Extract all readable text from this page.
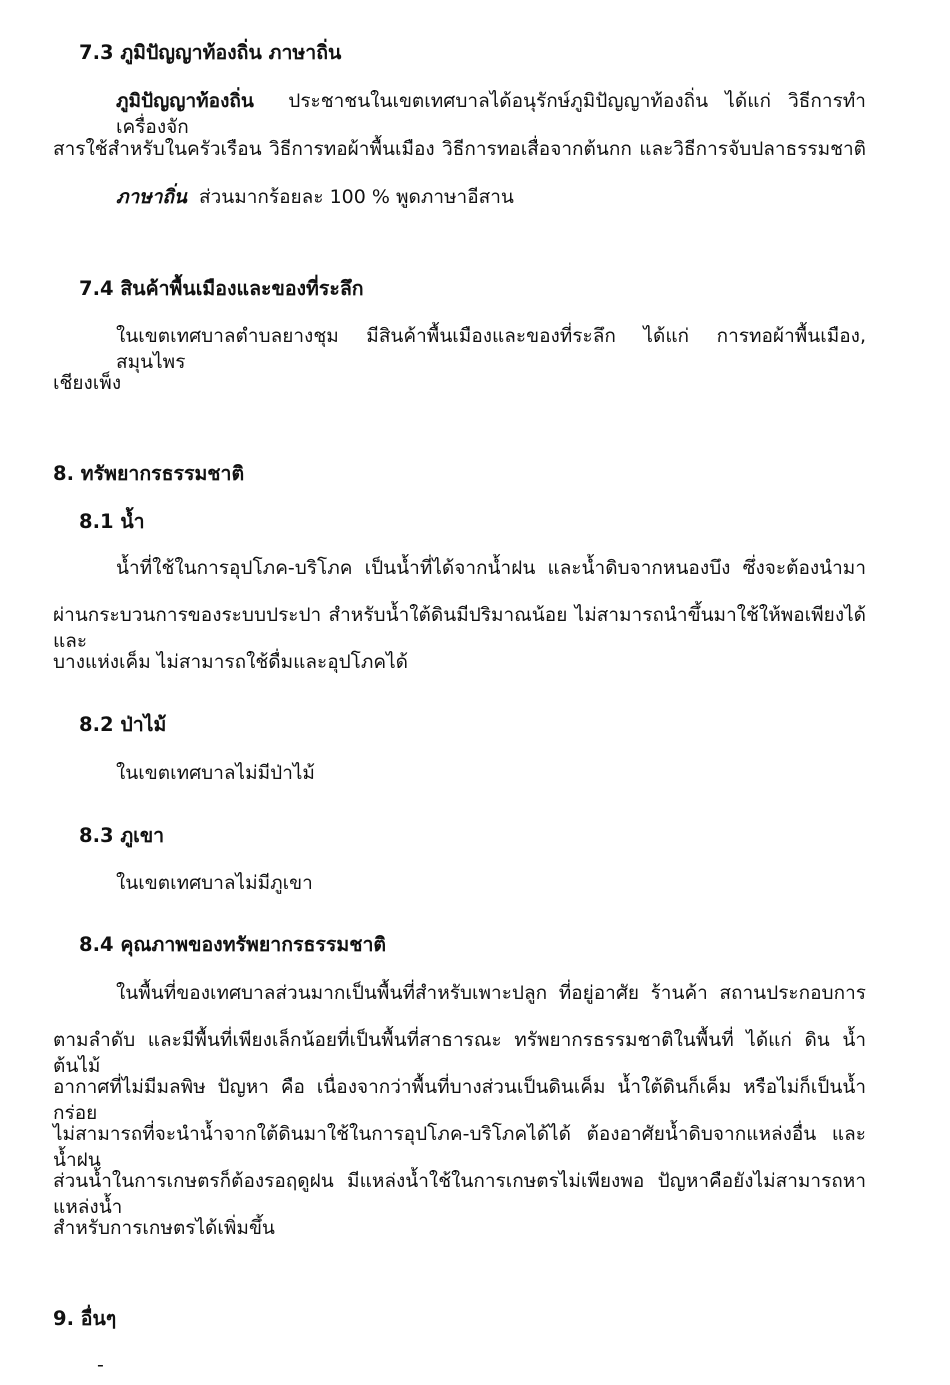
7.3 ภูมิปัญญาท้องถิ่น ภาษาถิ่น
ภูมิปัญญาท้องถิ่น ประชาชนในเขตเทศบาลได้อนุรักษ์ภูมิปัญญาท้องถิ่น ได้แก่ วิธีการทำเครื่องจัก
สารใช้สำหรับในครัวเรือน วิธีการทอผ้าพื้นเมือง วิธีการทอเสื่อจากต้นกก และวิธีการจับปลาธรรมชาติ
ภาษาถิ่น ส่วนมากร้อยละ 100 % พูดภาษาอีสาน
7.4 สินค้าพื้นเมืองและของที่ระลึก
ในเขตเทศบาลตำบลยางชุม มีสินค้าพื้นเมืองและของที่ระลึก ได้แก่ การทอผ้าพื้นเมือง, สมุนไพร
เชียงเพ็ง
8. ทรัพยากรธรรมชาติ
8.1 น้ำ
น้ำที่ใช้ในการอุปโภค-บริโภค เป็นน้ำที่ได้จากน้ำฝน และน้ำดิบจากหนองบึง ซึ่งจะต้องนำมา
ผ่านกระบวนการของระบบประปา สำหรับน้ำใต้ดินมีปริมาณน้อย ไม่สามารถนำขึ้นมาใช้ให้พอเพียงได้ และ
บางแห่งเค็ม ไม่สามารถใช้ดื่มและอุปโภคได้
8.2 ป่าไม้
ในเขตเทศบาลไม่มีป่าไม้
8.3 ภูเขา
ในเขตเทศบาลไม่มีภูเขา
8.4 คุณภาพของทรัพยากรธรรมชาติ
ในพื้นที่ของเทศบาลส่วนมากเป็นพื้นที่สำหรับเพาะปลูก ที่อยู่อาศัย ร้านค้า สถานประกอบการ
ตามลำดับ และมีพื้นที่เพียงเล็กน้อยที่เป็นพื้นที่สาธารณะ ทรัพยากรธรรมชาติในพื้นที่ ได้แก่ ดิน น้ำ ต้นไม้
อากาศที่ไม่มีมลพิษ ปัญหา คือ เนื่องจากว่าพื้นที่บางส่วนเป็นดินเค็ม น้ำใต้ดินก็เค็ม หรือไม่ก็เป็นน้ำกร่อย
ไม่สามารถที่จะนำน้ำจากใต้ดินมาใช้ในการอุปโภค-บริโภคได้ได้ ต้องอาศัยน้ำดิบจากแหล่งอื่น และน้ำฝน
ส่วนน้ำในการเกษตรก็ต้องรอฤดูฝน มีแหล่งน้ำใช้ในการเกษตรไม่เพียงพอ ปัญหาคือยังไม่สามารถหาแหล่งน้ำ
สำหรับการเกษตรได้เพิ่มขึ้น
9. อื่นๆ
-
